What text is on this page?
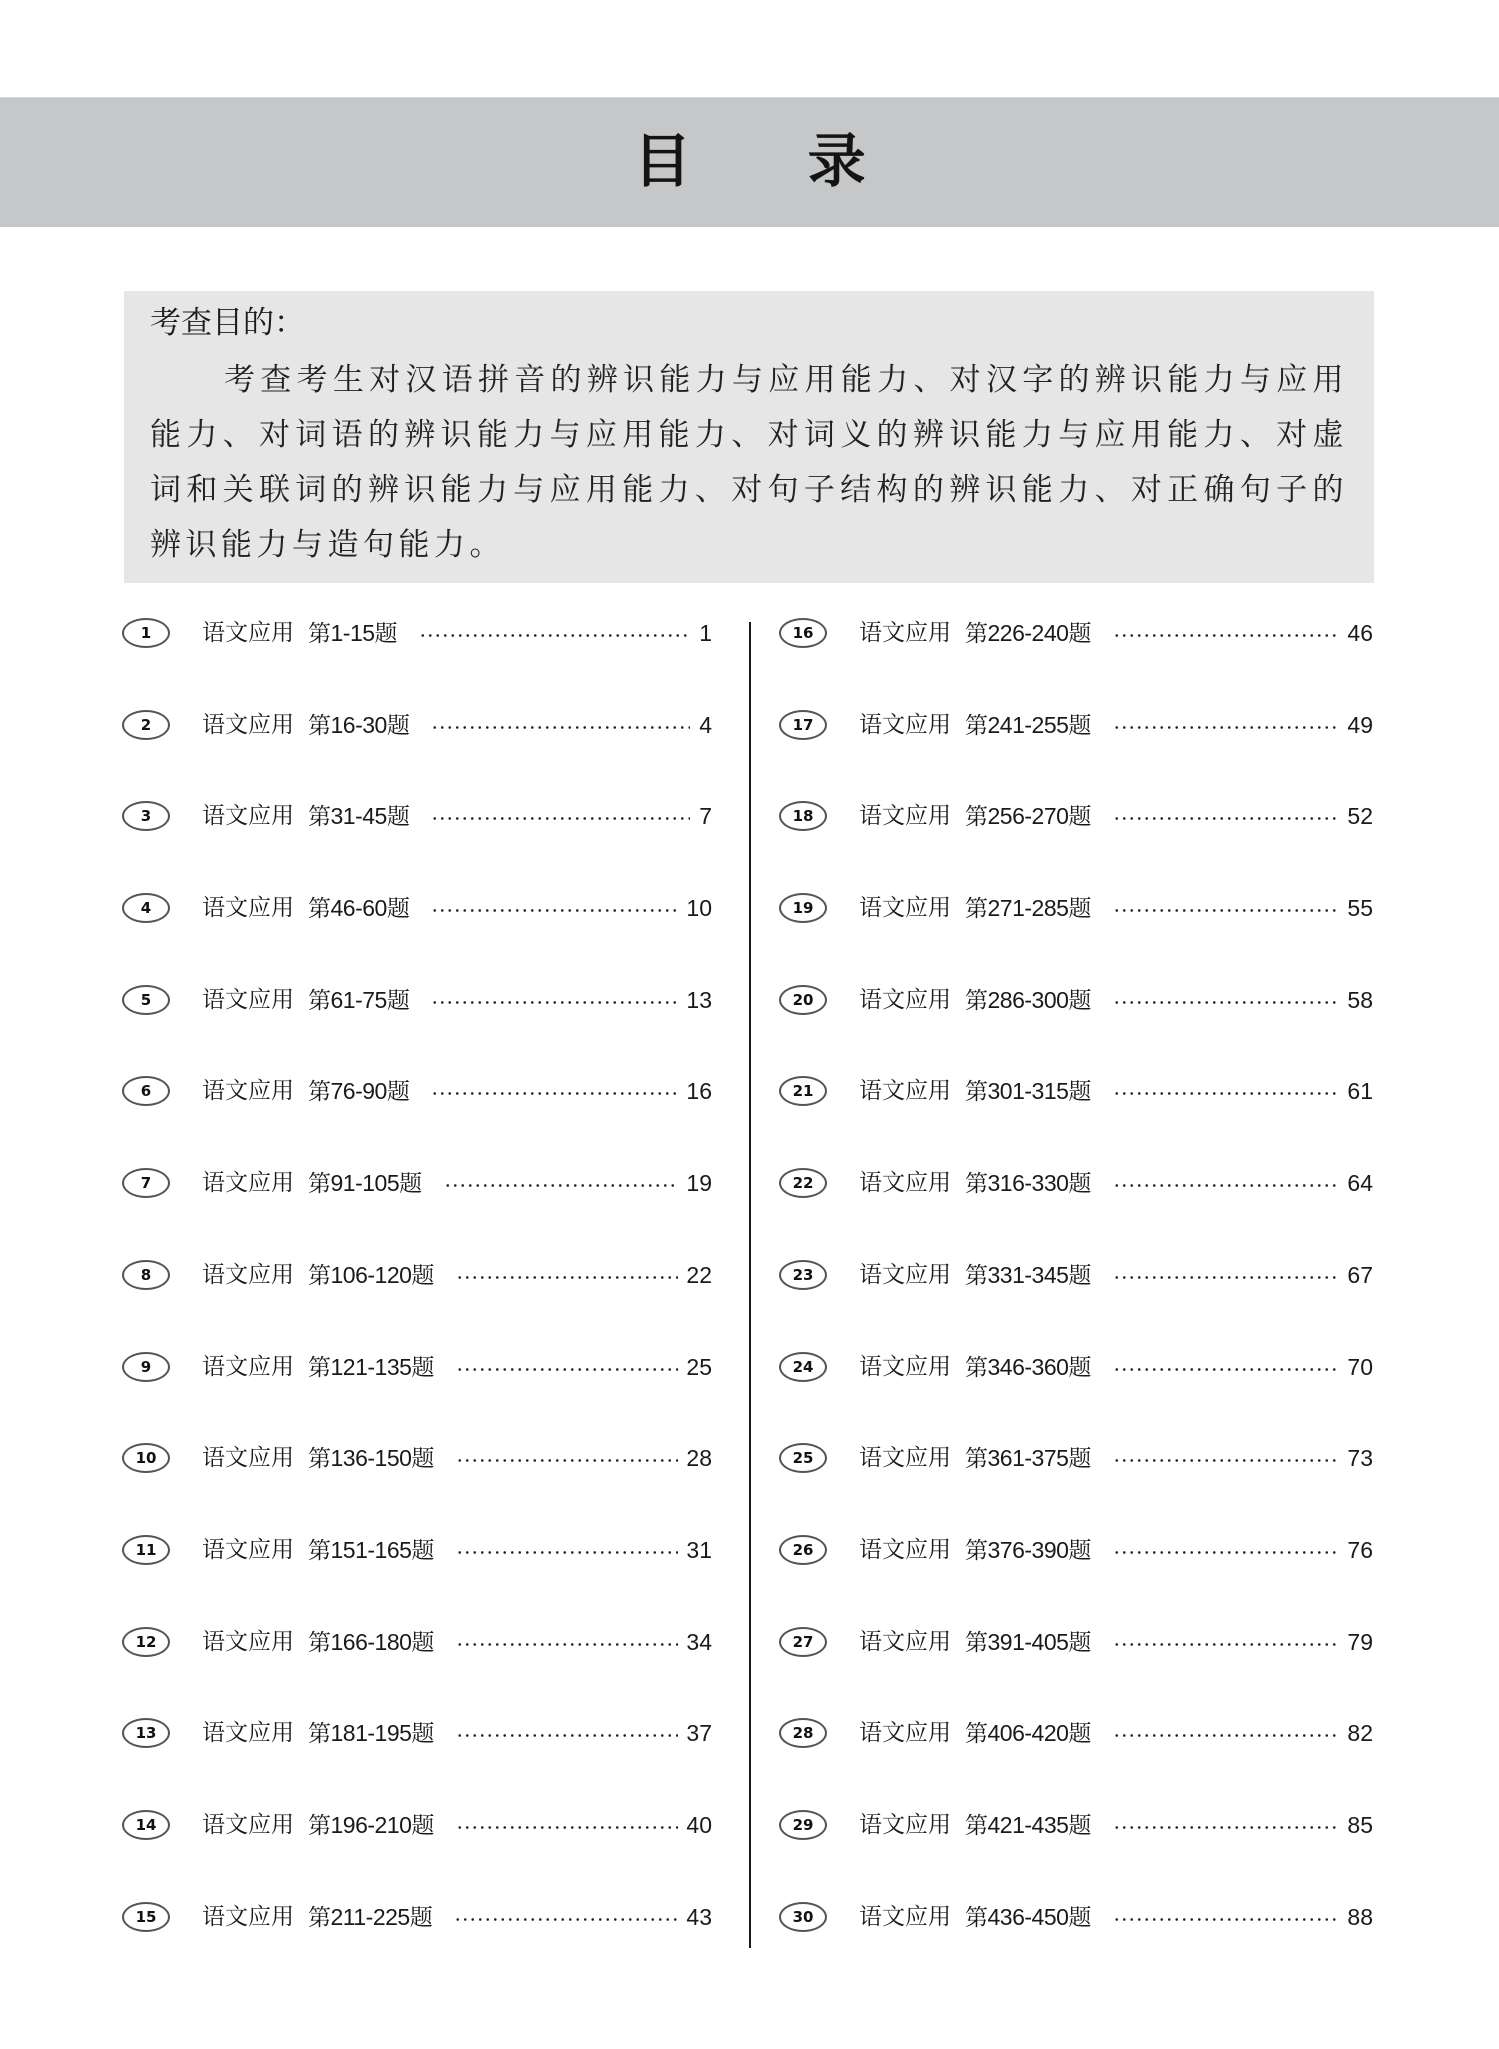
目 录
考查目的：
考查考生对汉语拼音的辨识能力与应用能力、对汉字的辨识能力与应用能力、对词语的辨识能力与应用能力、对词义的辨识能力与应用能力、对虚词和关联词的辨识能力与应用能力、对句子结构的辨识能力、对正确句子的辨识能力与造句能力。
1	语文应用 第1-15题	1
2	语文应用 第16-30题	4
3	语文应用 第31-45题	7
4	语文应用 第46-60题	10
5	语文应用 第61-75题	13
6	语文应用 第76-90题	16
7	语文应用 第91-105题	19
8	语文应用 第106-120题	22
9	语文应用 第121-135题	25
10	语文应用 第136-150题	28
11	语文应用 第151-165题	31
12	语文应用 第166-180题	34
13	语文应用 第181-195题	37
14	语文应用 第196-210题	40
15	语文应用 第211-225题	43
16	语文应用 第226-240题	46
17	语文应用 第241-255题	49
18	语文应用 第256-270题	52
19	语文应用 第271-285题	55
20	语文应用 第286-300题	58
21	语文应用 第301-315题	61
22	语文应用 第316-330题	64
23	语文应用 第331-345题	67
24	语文应用 第346-360题	70
25	语文应用 第361-375题	73
26	语文应用 第376-390题	76
27	语文应用 第391-405题	79
28	语文应用 第406-420题	82
29	语文应用 第421-435题	85
30	语文应用 第436-450题	88
